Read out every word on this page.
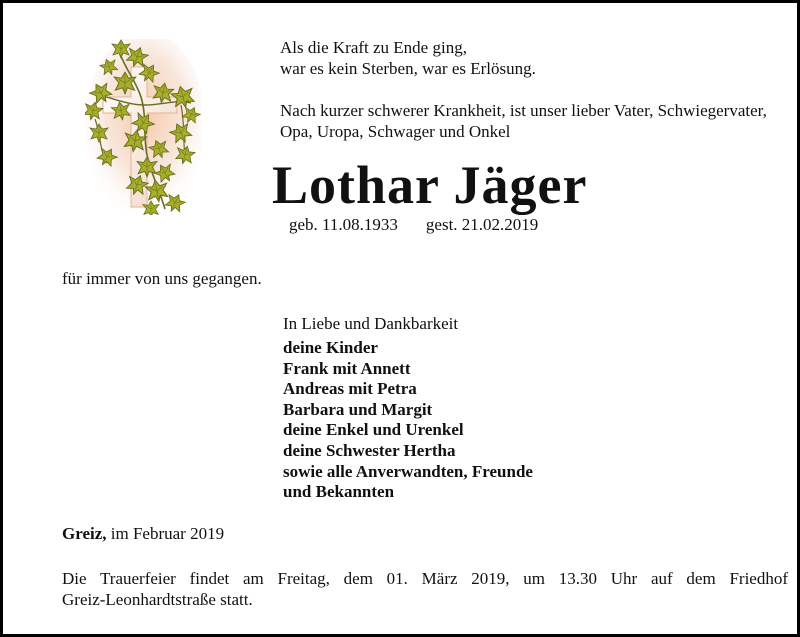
Als die Kraft zu Ende ging,
war es kein Sterben, war es Erlösung.
Nach kurzer schwerer Krankheit, ist unser lieber Vater, Schwiegervater,
Opa, Uropa, Schwager und Onkel
Lothar Jäger
geb. 11.08.1933 gest. 21.02.2019
für immer von uns gegangen.
In Liebe und Dankbarkeit
deine Kinder
Frank mit Annett
Andreas mit Petra
Barbara und Margit
deine Enkel und Urenkel
deine Schwester Hertha
sowie alle Anverwandten, Freunde
und Bekannten
Greiz, im Februar 2019
Die Trauerfeier findet am Freitag, dem 01. März 2019, um 13.30 Uhr auf dem Friedhof
Greiz-Leonhardtstraße statt.
